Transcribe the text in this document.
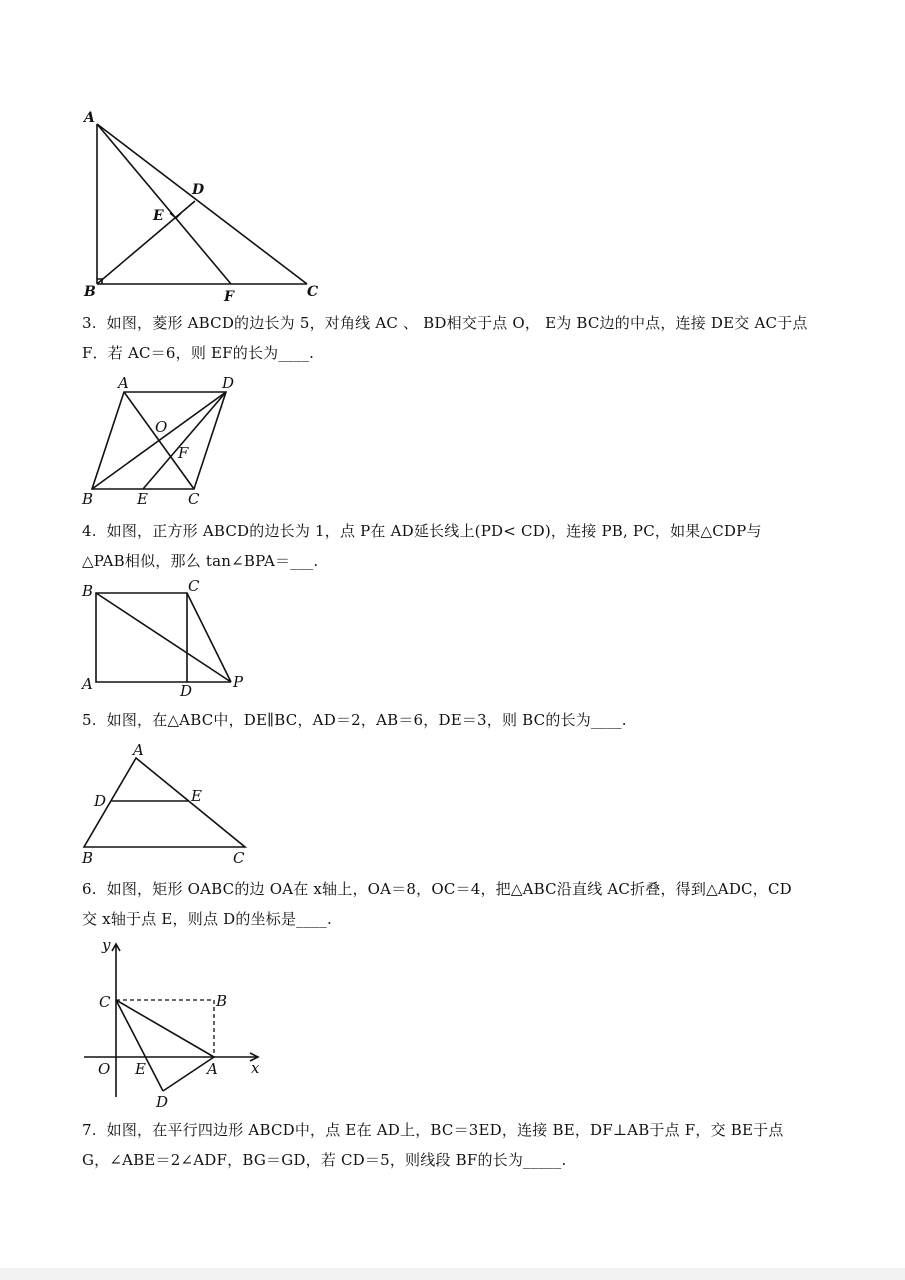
A
B	C
D
E
F
A	D
B	E	C
O
F
B	C
A	D	P
A
D	E
B	C
y
x
C	B
O E	A
D
3.  如图，菱形 ABCD的边长为 5，对角线 AC 、 BD相交于点 O， E为 BC边的中点，连接 DE交 AC于点
F．若 AC＝6，则 EF的长为____.
4.  如图，正方形 ABCD的边长为 1，点 P在 AD延长线上(PD< CD)，连接 PB, PC，如果△CDP与
△PAB相似，那么 tan∠BPA＝___.
5.  如图，在△ABC中，DE∥BC，AD＝2，AB＝6，DE＝3，则 BC的长为____.
6.  如图，矩形 OABC的边 OA在 x轴上，OA＝8，OC＝4，把△ABC沿直线 AC折叠，得到△ADC，CD
交 x轴于点 E，则点 D的坐标是____.
7.  如图，在平行四边形 ABCD中，点 E在 AD上，BC＝3ED，连接 BE，DF⊥AB于点 F，交 BE于点
G，∠ABE＝2∠ADF，BG＝GD，若 CD＝5，则线段 BF的长为_____.
